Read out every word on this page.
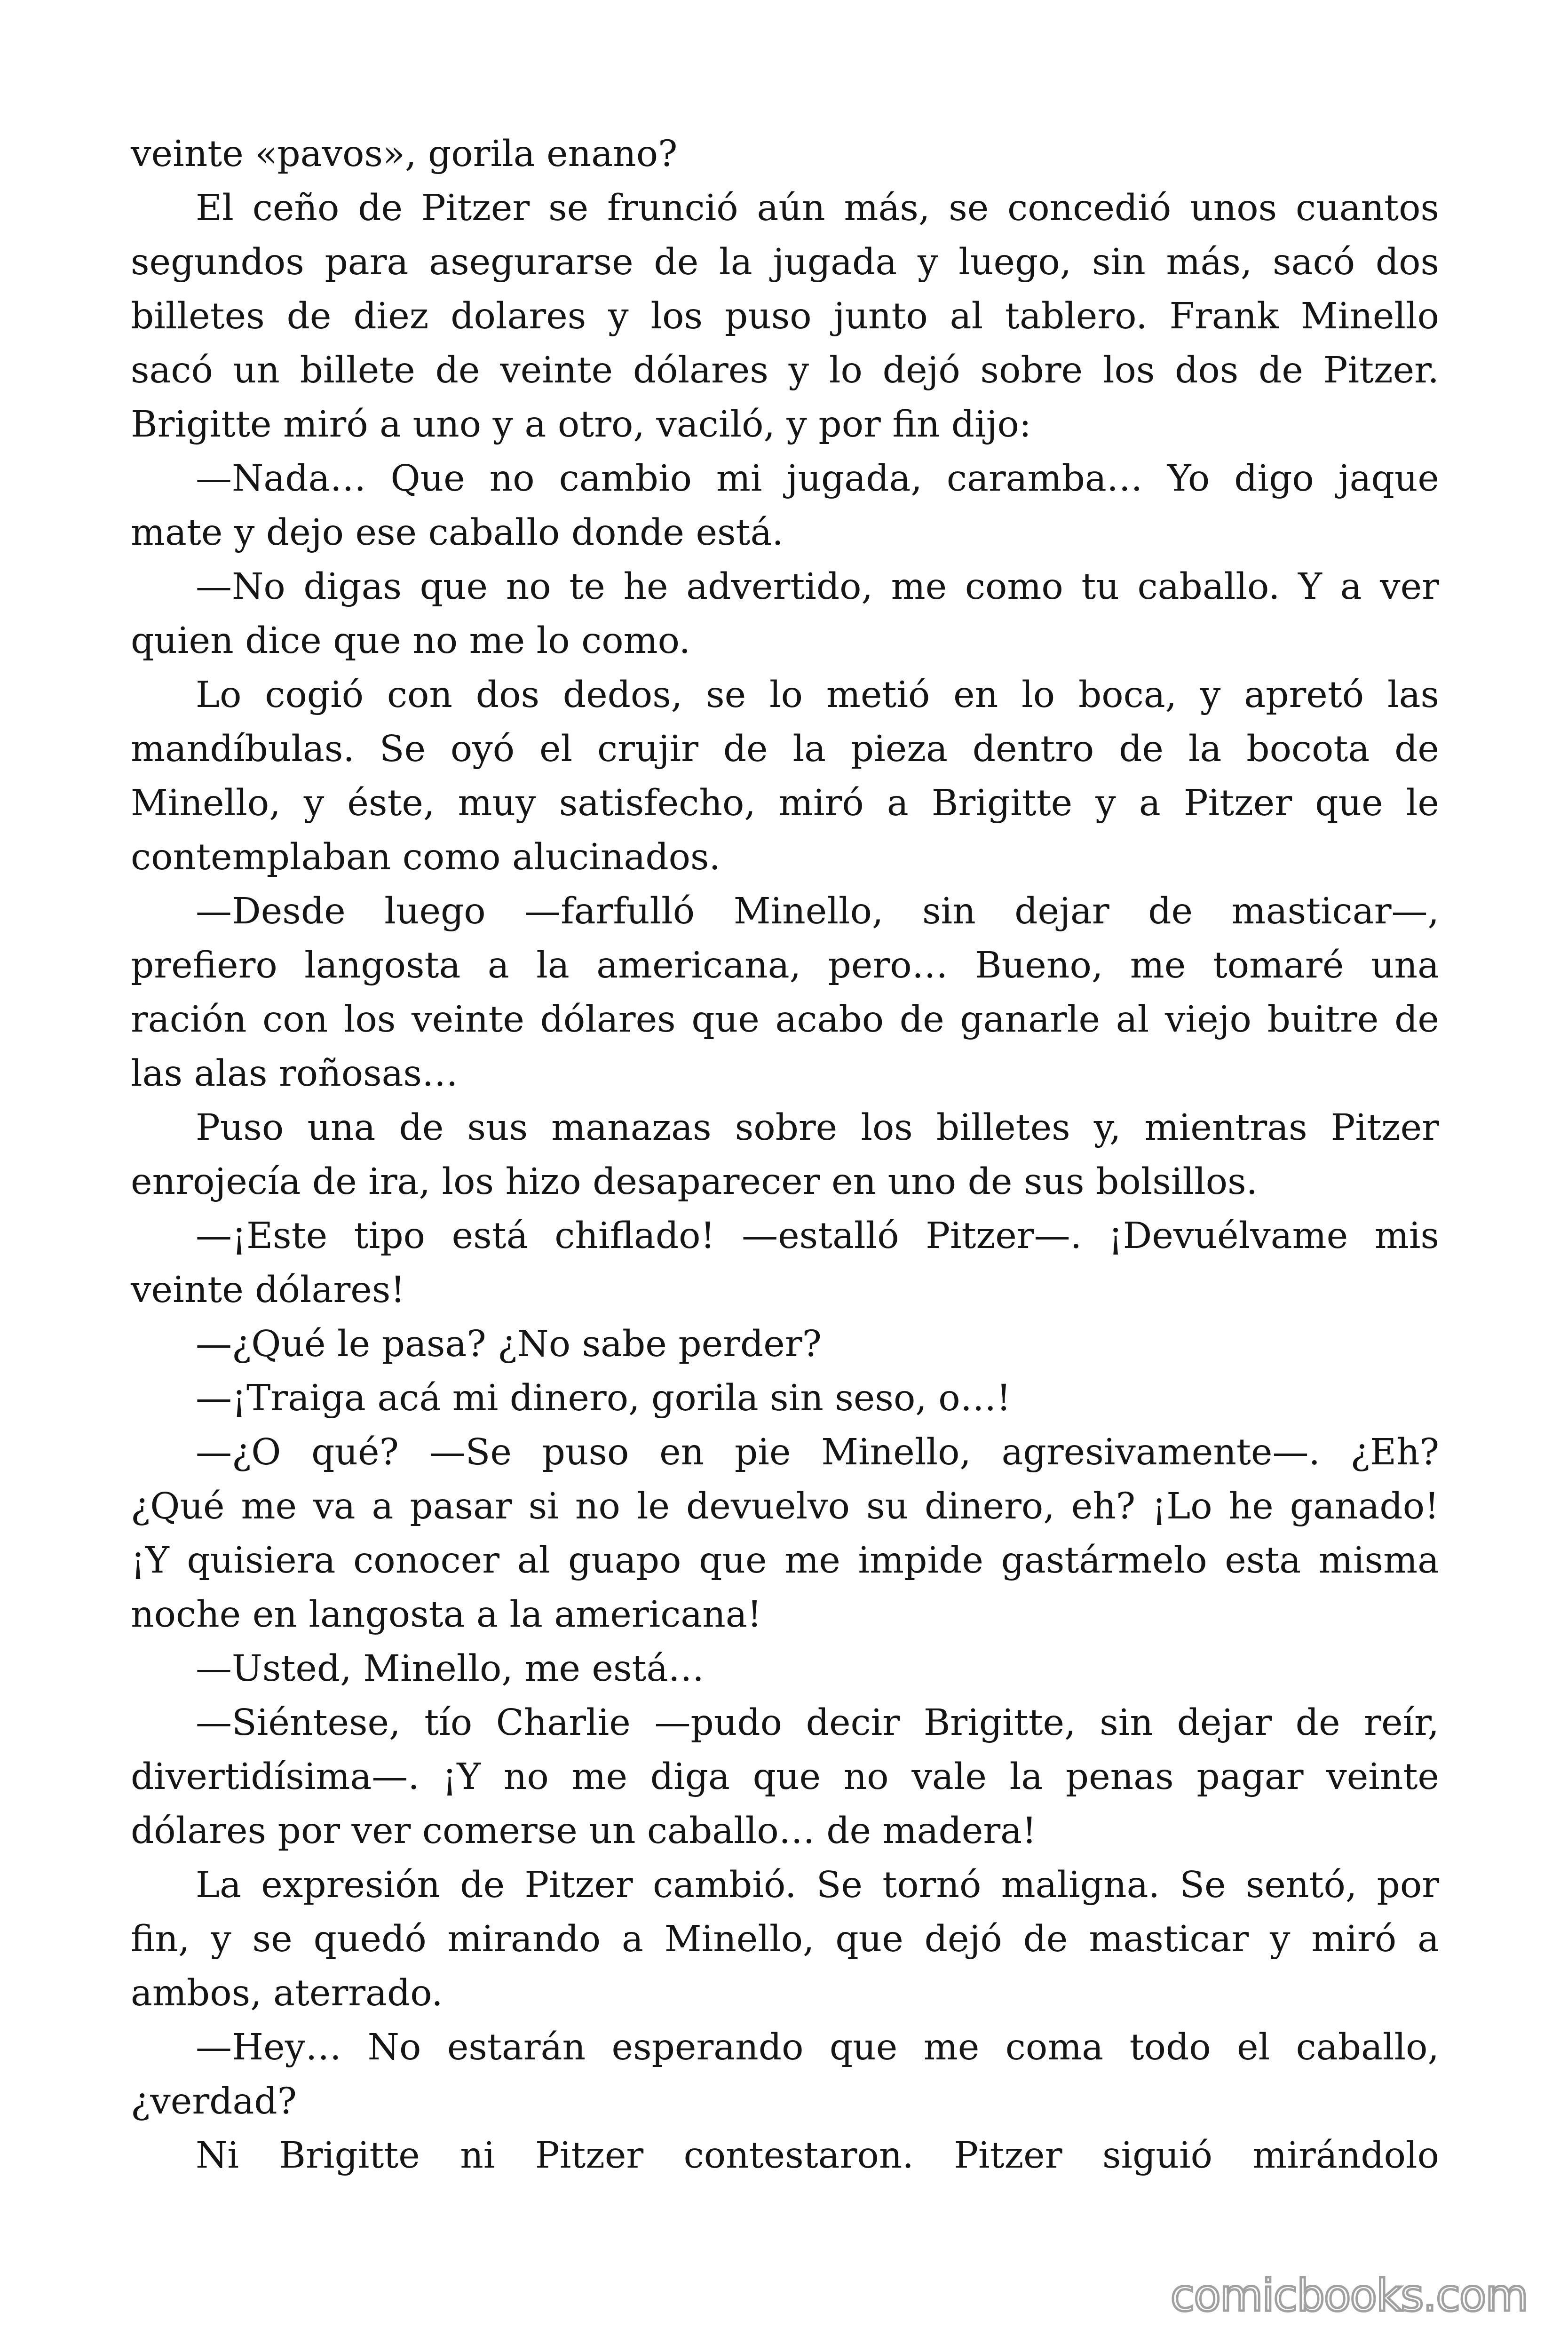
veinte «pavos», gorila enano?
El ceño de Pitzer se frunció aún más, se concedió unos cuantos
segundos para asegurarse de la jugada y luego, sin más, sacó dos
billetes de diez dolares y los puso junto al tablero. Frank Minello
sacó un billete de veinte dólares y lo dejó sobre los dos de Pitzer.
Brigitte miró a uno y a otro, vaciló, y por fin dijo:
—Nada… Que no cambio mi jugada, caramba… Yo digo jaque
mate y dejo ese caballo donde está.
—No digas que no te he advertido, me como tu caballo. Y a ver
quien dice que no me lo como.
Lo cogió con dos dedos, se lo metió en lo boca, y apretó las
mandíbulas. Se oyó el crujir de la pieza dentro de la bocota de
Minello, y éste, muy satisfecho, miró a Brigitte y a Pitzer que le
contemplaban como alucinados.
—Desde luego —farfulló Minello, sin dejar de masticar—,
prefiero langosta a la americana, pero… Bueno, me tomaré una
ración con los veinte dólares que acabo de ganarle al viejo buitre de
las alas roñosas…
Puso una de sus manazas sobre los billetes y, mientras Pitzer
enrojecía de ira, los hizo desaparecer en uno de sus bolsillos.
—¡Este tipo está chiflado! —estalló Pitzer—. ¡Devuélvame mis
veinte dólares!
—¿Qué le pasa? ¿No sabe perder?
—¡Traiga acá mi dinero, gorila sin seso, o…!
—¿O qué? —Se puso en pie Minello, agresivamente—. ¿Eh?
¿Qué me va a pasar si no le devuelvo su dinero, eh? ¡Lo he ganado!
¡Y quisiera conocer al guapo que me impide gastármelo esta misma
noche en langosta a la americana!
—Usted, Minello, me está…
—Siéntese, tío Charlie —pudo decir Brigitte, sin dejar de reír,
divertidísima—. ¡Y no me diga que no vale la penas pagar veinte
dólares por ver comerse un caballo… de madera!
La expresión de Pitzer cambió. Se tornó maligna. Se sentó, por
fin, y se quedó mirando a Minello, que dejó de masticar y miró a
ambos, aterrado.
—Hey… No estarán esperando que me coma todo el caballo,
¿verdad?
Ni Brigitte ni Pitzer contestaron. Pitzer siguió mirándolo
comicbooks.com
